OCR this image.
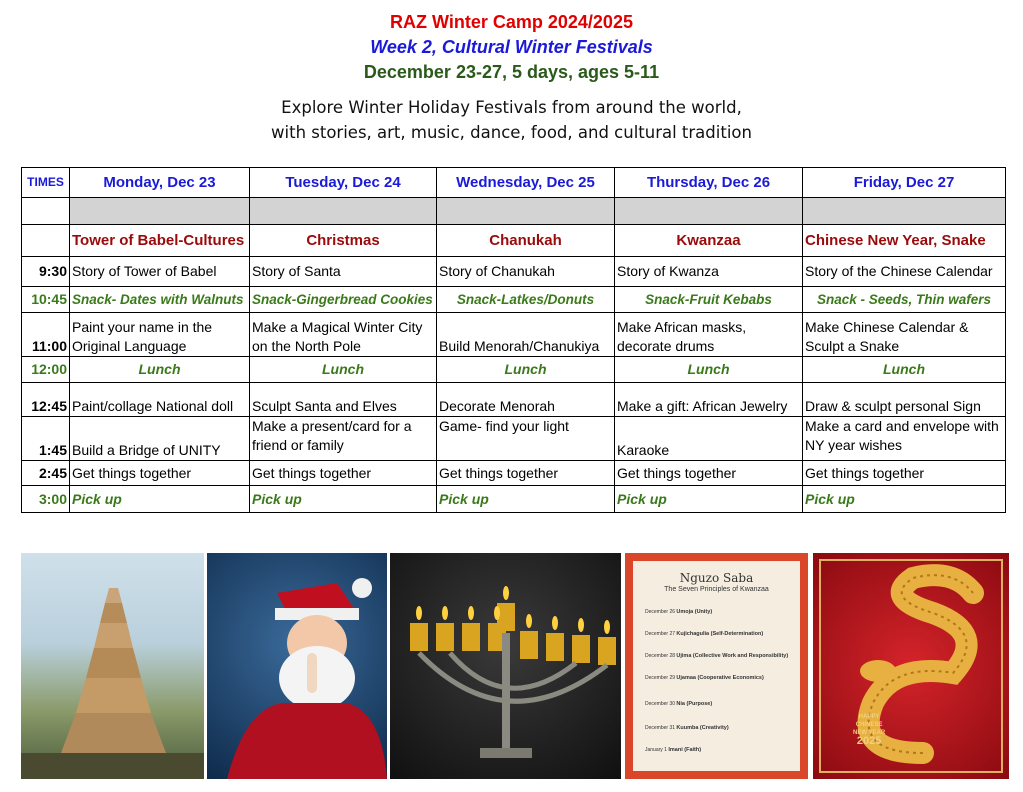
RAZ Winter Camp 2024/2025
Week 2, Cultural Winter Festivals
December 23-27, 5 days, ages 5-11
Explore Winter Holiday Festivals from around the world,
with stories, art, music, dance, food, and cultural tradition
TIMES	Monday, Dec 23	Tuesday, Dec 24	Wednesday, Dec 25	Thursday, Dec 26	Friday, Dec 27

	Tower of Babel-Cultures	Christmas	Chanukah	Kwanzaa	Chinese New Year, Snake
9:30	Story of Tower of Babel	Story of Santa	Story of Chanukah	Story of Kwanza	Story of the Chinese Calendar
10:45	Snack- Dates with Walnuts	Snack-Gingerbread Cookies	Snack-Latkes/Donuts	Snack-Fruit Kebabs	Snack - Seeds, Thin wafers
11:00	Paint your name in the Original Language	Make a Magical Winter City on the North Pole	Build Menorah/Chanukiya	Make African masks, decorate drums	Make Chinese Calendar & Sculpt a Snake
12:00	Lunch	Lunch	Lunch	Lunch	Lunch
12:45	Paint/collage National doll	Sculpt Santa and Elves	Decorate Menorah	Make a gift: African Jewelry	Draw & sculpt personal Sign
1:45	Build a Bridge of UNITY	Make a present/card for a friend or family	Game- find your light	Karaoke	Make a card and envelope with NY year wishes
2:45	Get things together	Get things together	Get things together	Get things together	Get things together
3:00	Pick up	Pick up	Pick up	Pick up	Pick up
Nguzo Saba
The Seven Principles of Kwanzaa
December 26 Umoja (Unity)
December 27 Kujichagulia (Self-Determination)
December 28 Ujima (Collective Work and Responsibility)
December 29 Ujamaa (Cooperative Economics)
December 30 Nia (Purpose)
December 31 Kuumba (Creativity)
January 1 Imani (Faith)
HAPPY
CHINESE
NEW YEAR
2025
